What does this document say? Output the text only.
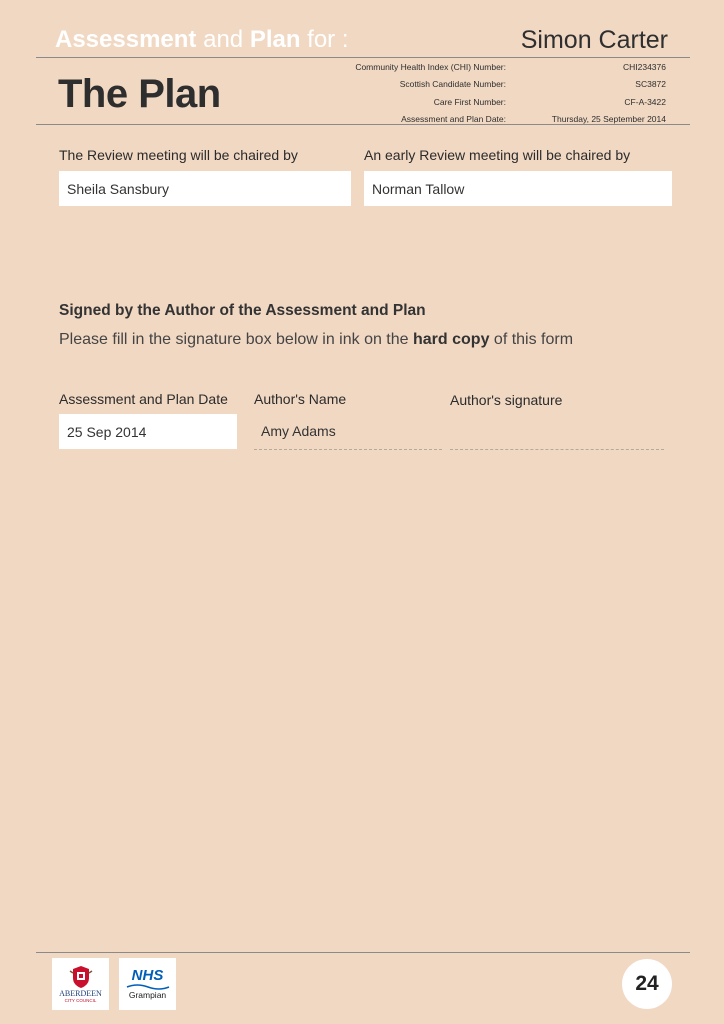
Assessment and Plan for :	Simon Carter
The Plan
Community Health Index (CHI) Number:	CHI234376
Scottish Candidate Number:	SC3872
Care First Number:	CF-A-3422
Assessment and Plan Date:	Thursday, 25 September 2014
The Review meeting will be chaired by
Sheila Sansbury
An early Review meeting will be chaired by
Norman Tallow
Signed by the Author of the Assessment and Plan
Please fill in the signature box below in ink on the hard copy of this form
Assessment and Plan Date
25 Sep 2014
Author's Name
Amy Adams
Author's signature
ABERDEEN
CITY COUNCIL
NHS
Grampian	24
